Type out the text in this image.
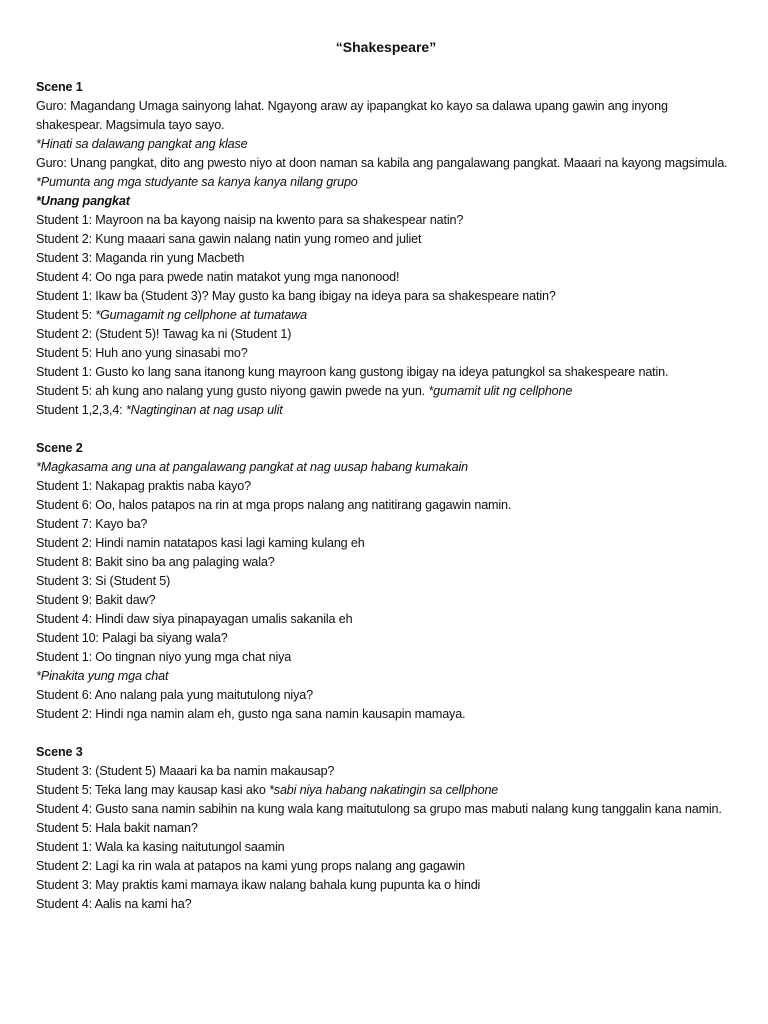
“Shakespeare”
Scene 1
Guro: Magandang Umaga sainyong lahat. Ngayong araw ay ipapangkat ko kayo sa dalawa upang gawin ang inyong shakespear. Magsimula tayo sayo.
*Hinati sa dalawang pangkat ang klase
Guro: Unang pangkat, dito ang pwesto niyo at doon naman sa kabila ang pangalawang pangkat. Maaari na kayong magsimula.
*Pumunta ang mga studyante sa kanya kanya nilang grupo
*Unang pangkat
Student 1: Mayroon na ba kayong naisip na kwento para sa shakespear natin?
Student 2: Kung maaari sana gawin nalang natin yung romeo and juliet
Student 3: Maganda rin yung Macbeth
Student 4: Oo nga para pwede natin matakot yung mga nanonood!
Student 1: Ikaw ba (Student 3)? May gusto ka bang ibigay na ideya para sa shakespeare natin?
Student 5: *Gumagamit ng cellphone at tumatawa
Student 2: (Student 5)! Tawag ka ni (Student 1)
Student 5: Huh ano yung sinasabi mo?
Student 1: Gusto ko lang sana itanong kung mayroon kang gustong ibigay na ideya patungkol sa shakespeare natin.
Student 5: ah kung ano nalang yung gusto niyong gawin pwede na yun. *gumamit ulit ng cellphone
Student 1,2,3,4: *Nagtinginan at nag usap ulit
Scene 2
*Magkasama ang una at pangalawang pangkat at nag uusap habang kumakain
Student 1: Nakapag praktis naba kayo?
Student 6: Oo, halos patapos na rin at mga props nalang ang natitirang gagawin namin.
Student 7: Kayo ba?
Student 2: Hindi namin natatapos kasi lagi kaming kulang eh
Student 8: Bakit sino ba ang palaging wala?
Student 3: Si (Student 5)
Student 9: Bakit daw?
Student 4: Hindi daw siya pinapayagan umalis sakanila eh
Student 10: Palagi ba siyang wala?
Student 1: Oo tingnan niyo yung mga chat niya
*Pinakita yung mga chat
Student 6: Ano nalang pala yung maitutulong niya?
Student 2: Hindi nga namin alam eh, gusto nga sana namin kausapin mamaya.
Scene 3
Student 3: (Student 5) Maaari ka ba namin makausap?
Student 5: Teka lang may kausap kasi ako *sabi niya habang nakatingin sa cellphone
Student 4: Gusto sana namin sabihin na kung wala kang maitutulong sa grupo mas mabuti nalang kung tanggalin kana namin.
Student 5: Hala bakit naman?
Student 1: Wala ka kasing naitutungol saamin
Student 2: Lagi ka rin wala at patapos na kami yung props nalang ang gagawin
Student 3: May praktis kami mamaya ikaw nalang bahala kung pupunta ka o hindi
Student 4: Aalis na kami ha?
